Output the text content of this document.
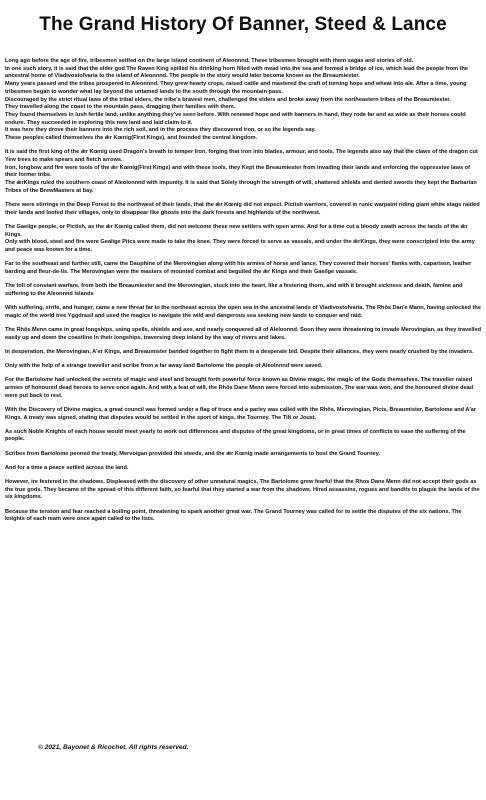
The Grand History Of Banner, Steed & Lance

Long ago before the age of fire, tribesmen settled on the large island continent of Aleonnnd. These tribesmen brought with them sagas and stories of old.
In one such story, it is said that the elder god The Raven King spilled his drinking horn filled with mead into the sea and formed a bridge of ice, which lead the people from the ancestral home of Vladivostofvaria to the island of Aleonnnd. The people in the story would later become known as the Breaumiester.
Many years passed and the tribes prospered in Aleonnnd. They grew hearty crops, raised cattle and mastered the craft of turning hops and wheat into ale. After a time, young tribesmen began to wonder what lay beyond the untamed lands to the south through the mountain pass.
Discouraged by the strict ritual laws of the tribal elders, the tribe's bravest men, challenged the elders and broke away from the northeastern tribes of the Breaumiester.
They travelled along the coast to the mountain pass, dragging their families with them.
They found themselves in lush fertile land, unlike anything they've seen before. With renewed hope and with banners in hand, they rode far and as wide as their horses could endure. They succeeded in exploring this new land and laid claim to it.
It was here they drove their banners into the rich soil, and in the process they discovered iron, or so the legends say.
These peoples called themselves the ǣr Kœnig(First Kings), and founded the central kingdom.

It is said the first king of the ǣr Kœnig used Dragon's breath to temper Iron, forging that iron into blades, armour, and tools. The legends also say that the claws of the dragon cut Yew trees to make spears and fletch arrows.
Iron, longbow and fire were tools of the ǣr Kœnig(First Kings) and with these tools, they Kept the Breaumiester from invading their lands and enforcing the oppressive laws of their former tribe.
The ǣrKings ruled the southern coast of Aleolonnnd with impunity. It is said that Solely through the strength of will, shattered shields and dented swords they kept the Barbarian Tribes of the BrewMasters at bay.

There were stirrings in the Deep Forest to the northwest of their lands, that the ǣr Kœnig did not expect. Pictish warriors, covered in runic warpaint riding giant white stags raided their lands and looted their villages, only to disappear like ghosts into the dark forests and highlands of the northwest.

The Gaeilge people, or Pictish, as the ǣr Kœnig called them, did not welcome these new settlers with open arms. And for a time cut a bloody swath across the lands of the ǣr Kings.
Only with blood, steel and fire were Gealige Pitcs were made to take the knee. They were forced to serve as vassals, and under the ǣrKings, they were conscripted into the army and peace was known for a time.

Far to the southeast and further still, came the Dauphine of the Merovingian along with his armies of horse and lance. They covered their horses' flanks with, caparison, leather barding and fleur-de-lis. The Merovingian were the masters of mounted combat and beguiled the ǣr Kings and their Gaeilge vassals.

The toll of constant warfare, from both the Breaumiester and the Merovingian, stuck into the heart, like a festering thorn, and with it brought sickness and death, famine and suffering to the Aleonnnd islands

With suffering, strife, and hunger, came a new threat far to the northeast across the open sea in the ancestral lands of Vladivostofvaria. The Rhōs Dan'e Mann, having unlocked the magic of the world tree Yggdrasil and used the magics to navigate the wild and dangerous sea seeking new lands to conquer and raid.

The Rhōs Menn came in great longships, using spells, shields and axe, and nearly conquered all of Aleloonnd. Soon they were threatening to invade Merovingian, as they travelled easily up and down the coastline in their longships, traversing deep inland by the way of rivers and lakes.

In desperation, the Merovingian, A'er Kings, and Breaumister banded together to fight them in a desperate bid. Despite their alliances, they were nearly crushed by the invaders.

Only with the help of a strange traveller and scribe from a far away land Bartolome the people of Aleolnnnd were saved.

For the Bartolome had unlocked the secrets of magic and steel and brought forth powerful force known as Divine magic, the magic of the Gods themselves. The traveller raised armies of honoured dead heroes to serve once again. And with a feat of will, the Rhōs Dane Menn were forced into submission. The war was won, and the honoured divine dead were put back to rest.

With the Discovery of Divine magics, a great council was formed under a flag of truce and a parley was called with the Rhōs, Merovingian, Picts, Breaumister, Bartolome and A'ar Kings. A treaty was signed, stating that disputes would be settled in the sport of kings, the Tourney. The Tilt or Joust.

As such Noble Knights of each house would meet yearly to work out differences and disputes of the great kingdoms, or in great times of conflicts to ease the suffering of the people.

Scribes from Bartolome penned the treaty, Mervoigan provided the steeds, and the ǣr Kœnig made arrangements to host the Grand Tourney.

And for a time a peace settled across the land.

However, ire festered in the shadows. Displeased with the discovery of other unnatural magics, The Bartolome grew fearful that the Rhos Dane Menn did not accept their gods as the true gods. They became of the spread of this different faith, so fearful that they started a war from the shadows. Hired assassins, rogues and bandits to plague the lands of the six kingdoms.

Because the tension and fear reached a boiling point, threatening to spark another great war. The Grand Tourney was called for to settle the disputes of the six nations. The knights of each ream were once again called to the lists.

© 2021, Bayonet & Ricochet. All rights reserved.
